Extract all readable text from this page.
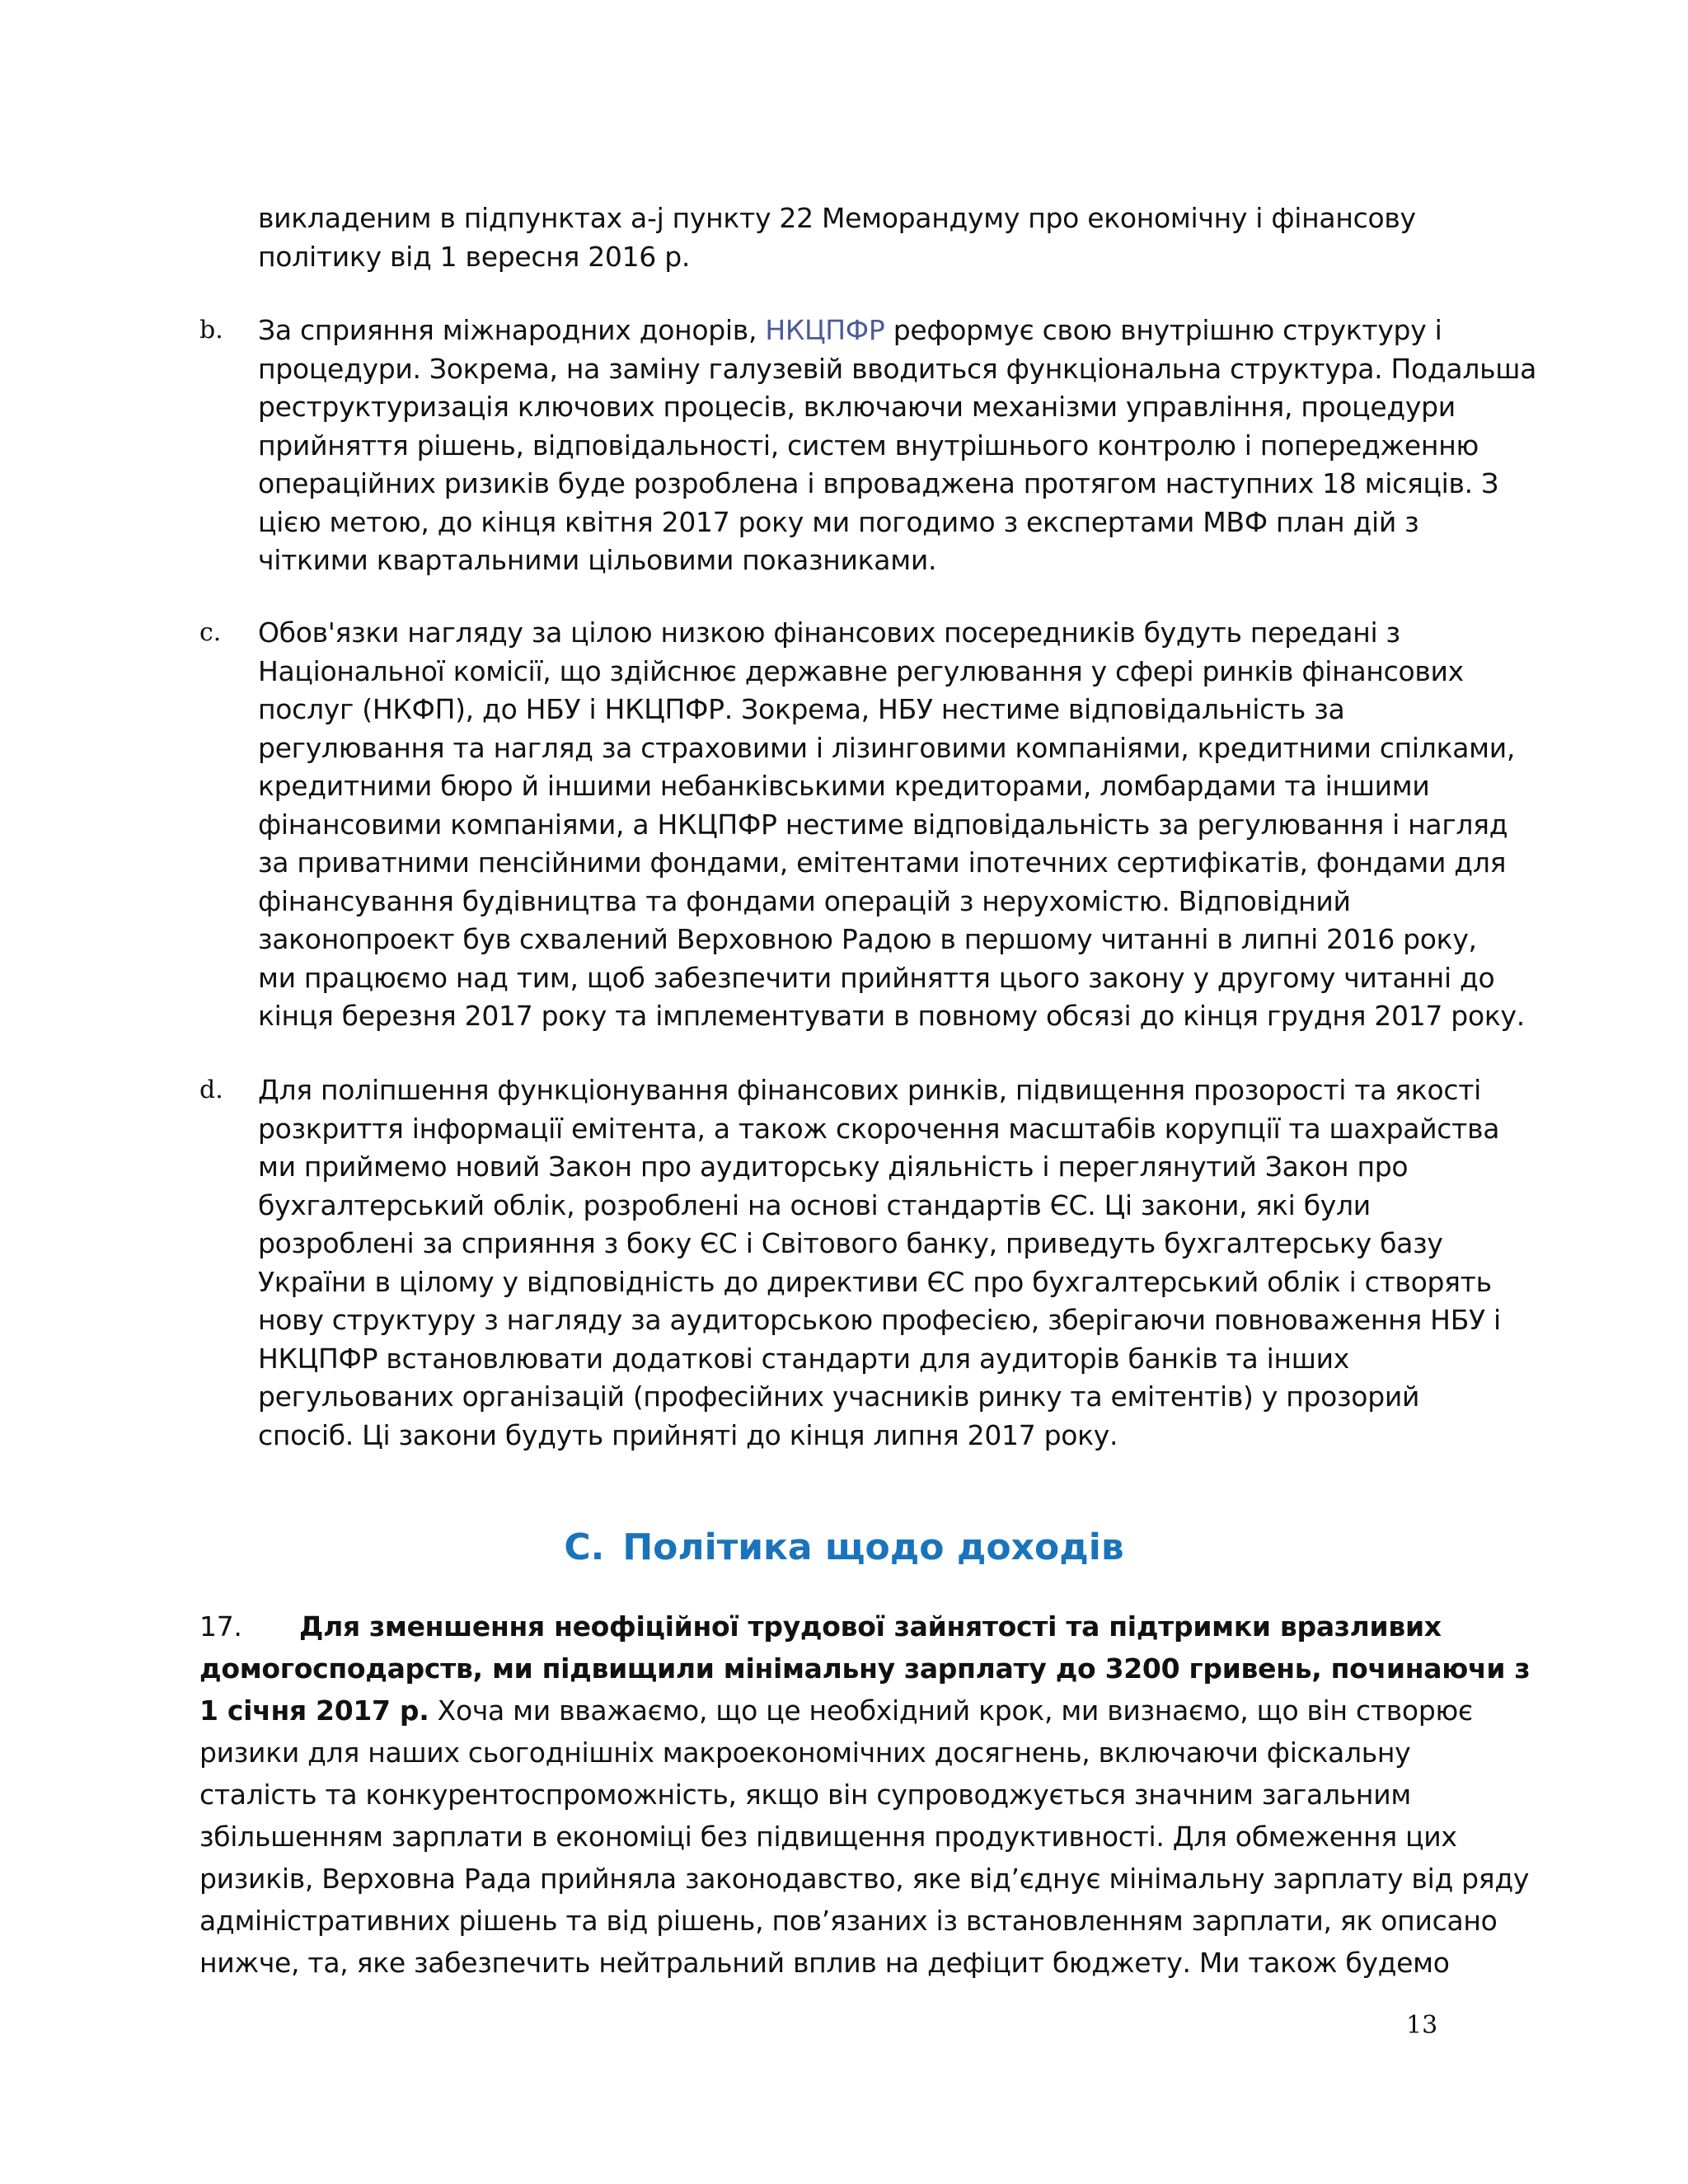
викладеним в підпунктах a-j пункту 22 Меморандуму про економічну і фінансову
політику від 1 вересня 2016 р.
b. За сприяння міжнародних донорів, НКЦПФР реформує свою внутрішню структуру і
процедури. Зокрема, на заміну галузевій вводиться функціональна структура. Подальша
реструктуризація ключових процесів, включаючи механізми управління, процедури
прийняття рішень, відповідальності, систем внутрішнього контролю і попередженню
операційних ризиків буде розроблена і впроваджена протягом наступних 18 місяців. З
цією метою, до кінця квітня 2017 року ми погодимо з експертами МВФ план дій з
чіткими квартальними цільовими показниками.
c. Обов'язки нагляду за цілою низкою фінансових посередників будуть передані з
Національної комісії, що здійснює державне регулювання у сфері ринків фінансових
послуг (НКФП), до НБУ і НКЦПФР. Зокрема, НБУ нестиме відповідальність за
регулювання та нагляд за страховими і лізинговими компаніями, кредитними спілками,
кредитними бюро й іншими небанківськими кредиторами, ломбардами та іншими
фінансовими компаніями, а НКЦПФР нестиме відповідальність за регулювання і нагляд
за приватними пенсійними фондами, емітентами іпотечних сертифікатів, фондами для
фінансування будівництва та фондами операцій з нерухомістю. Відповідний
законопроект був схвалений Верховною Радою в першому читанні в липні 2016 року,
ми працюємо над тим, щоб забезпечити прийняття цього закону у другому читанні до
кінця березня 2017 року та імплементувати в повному обсязі до кінця грудня 2017 року.
d. Для поліпшення функціонування фінансових ринків, підвищення прозорості та якості
розкриття інформації емітента, а також скорочення масштабів корупції та шахрайства
ми приймемо новий Закон про аудиторську діяльність і переглянутий Закон про
бухгалтерський облік, розроблені на основі стандартів ЄС. Ці закони, які були
розроблені за сприяння з боку ЄС і Світового банку, приведуть бухгалтерську базу
України в цілому у відповідність до директиви ЄС про бухгалтерський облік і створять
нову структуру з нагляду за аудиторською професією, зберігаючи повноваження НБУ і
НКЦПФР встановлювати додаткові стандарти для аудиторів банків та інших
регульованих організацій (професійних учасників ринку та емітентів) у прозорий
спосіб. Ці закони будуть прийняті до кінця липня 2017 року.
C. Політика щодо доходів
17. Для зменшення неофіційної трудової зайнятості та підтримки вразливих
домогосподарств, ми підвищили мінімальну зарплату до 3200 гривень, починаючи з
1 січня 2017 р. Хоча ми вважаємо, що це необхідний крок, ми визнаємо, що він створює
ризики для наших сьогоднішніх макроекономічних досягнень, включаючи фіскальну
сталість та конкурентоспроможність, якщо він супроводжується значним загальним
збільшенням зарплати в економіці без підвищення продуктивності. Для обмеження цих
ризиків, Верховна Рада прийняла законодавство, яке від’єднує мінімальну зарплату від ряду
адміністративних рішень та від рішень, пов’язаних із встановленням зарплати, як описано
нижче, та, яке забезпечить нейтральний вплив на дефіцит бюджету. Ми також будемо
13
